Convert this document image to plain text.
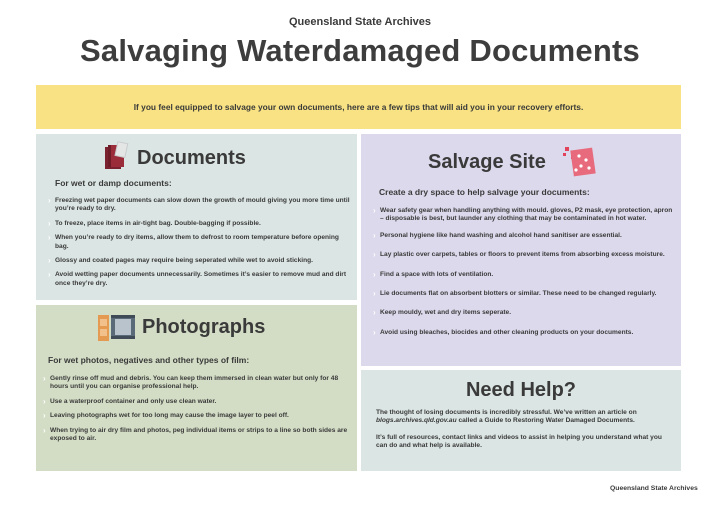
Queensland State Archives
Salvaging Waterdamaged Documents
If you feel equipped to salvage your own documents, here are a few tips that will aid you in your recovery efforts.
Documents
For wet or damp documents:
› Freezing wet paper documents can slow down the growth of mould giving you more time until you’re ready to dry.
› To freeze, place items in air-tight bag. Double-bagging if possible.
› When you’re ready to dry items, allow them to defrost to room temperature before opening bag.
› Glossy and coated pages may require being seperated while wet to avoid sticking.
› Avoid wetting paper documents unnecessarily. Sometimes it’s easier to remove mud and dirt once they’re dry.
Photographs
For wet photos, negatives and other types of film:
› Gently rinse off mud and debris. You can keep them immersed in clean water but only for 48 hours until you can organise professional help.
› Use a waterproof container and only use clean water.
› Leaving photographs wet for too long may cause the image layer to peel off.
› When trying to air dry film and photos, peg individual items or strips to a line so both sides are exposed to air.
Salvage Site
Create a dry space to help salvage your documents:
› Wear safety gear when handling anything with mould. gloves, P2 mask, eye protection, apron – disposable is best, but launder any clothing that may be contaminated in hot water.
› Personal hygiene like hand washing and alcohol hand sanitiser are essential.
› Lay plastic over carpets, tables or floors to prevent items from absorbing excess moisture.
› Find a space with lots of ventilation.
› Lie documents flat on absorbent blotters or similar. These need to be changed regularly.
› Keep mouldy, wet and dry items seperate.
› Avoid using bleaches, biocides and other cleaning products on your documents.
Need Help?

The thought of losing documents is incredibly stressful. We’ve written an article on blogs.archives.qld.gov.au called a Guide to Restoring Water Damaged Documents.

It’s full of resources, contact links and videos to assist in helping you understand what you can do and what help is available.

Queensland State Archives
